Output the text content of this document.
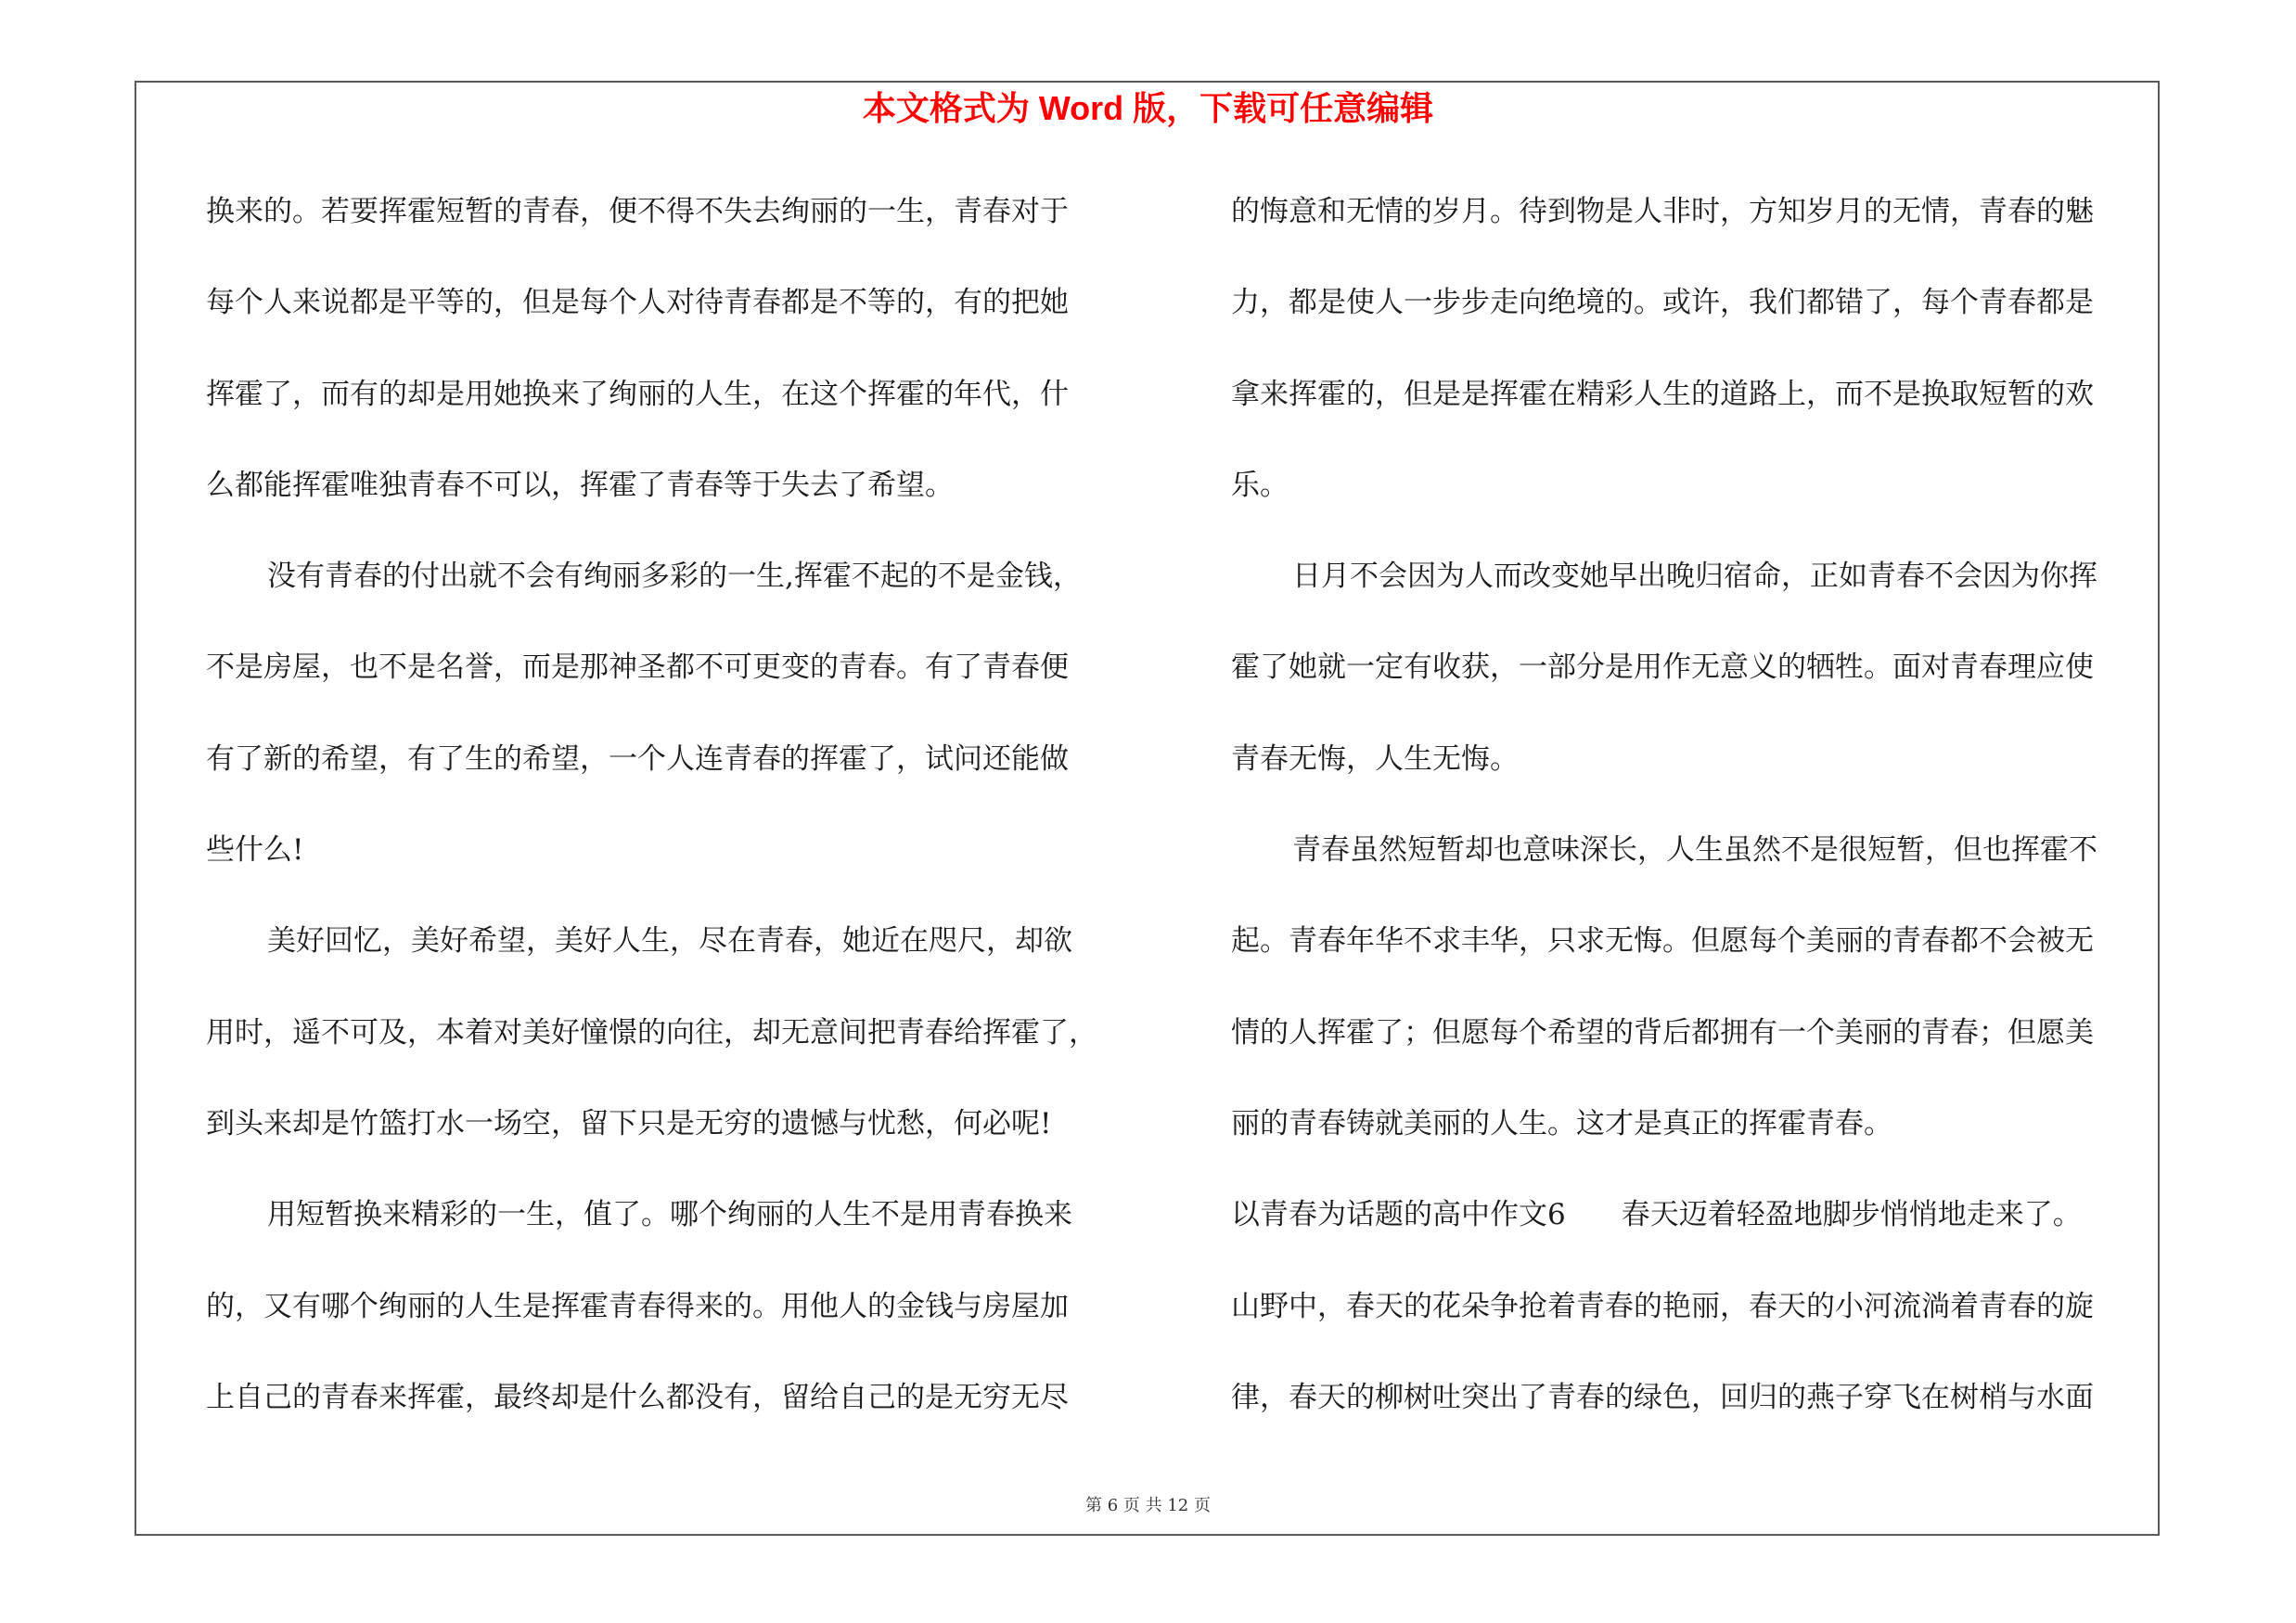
本文格式为 Word 版，下载可任意编辑
换来的。若要挥霍短暂的青春，便不得不失去绚丽的一生，青春对于
每个人来说都是平等的，但是每个人对待青春都是不等的，有的把她
挥霍了，而有的却是用她换来了绚丽的人生，在这个挥霍的年代，什
么都能挥霍唯独青春不可以，挥霍了青春等于失去了希望。
没有青春的付出就不会有绚丽多彩的一生,挥霍不起的不是金钱，
不是房屋，也不是名誉，而是那神圣都不可更变的青春。有了青春便
有了新的希望，有了生的希望，一个人连青春的挥霍了，试问还能做
些什么!
美好回忆，美好希望，美好人生，尽在青春，她近在咫尺，却欲
用时，遥不可及，本着对美好憧憬的向往，却无意间把青春给挥霍了，
到头来却是竹篮打水一场空，留下只是无穷的遗憾与忧愁，何必呢!
用短暂换来精彩的一生，值了。哪个绚丽的人生不是用青春换来
的，又有哪个绚丽的人生是挥霍青春得来的。用他人的金钱与房屋加
上自己的青春来挥霍，最终却是什么都没有，留给自己的是无穷无尽
的悔意和无情的岁月。待到物是人非时，方知岁月的无情，青春的魅
力，都是使人一步步走向绝境的。或许，我们都错了，每个青春都是
拿来挥霍的，但是是挥霍在精彩人生的道路上，而不是换取短暂的欢
乐。
日月不会因为人而改变她早出晚归宿命，正如青春不会因为你挥
霍了她就一定有收获，一部分是用作无意义的牺牲。面对青春理应使
青春无悔，人生无悔。
青春虽然短暂却也意味深长，人生虽然不是很短暂，但也挥霍不
起。青春年华不求丰华，只求无悔。但愿每个美丽的青春都不会被无
情的人挥霍了；但愿每个希望的背后都拥有一个美丽的青春；但愿美
丽的青春铸就美丽的人生。这才是真正的挥霍青春。
以青春为话题的高中作文6 春天迈着轻盈地脚步悄悄地走来了。
山野中，春天的花朵争抢着青春的艳丽，春天的小河流淌着青春的旋
律，春天的柳树吐突出了青春的绿色，回归的燕子穿飞在树梢与水面
第 6 页 共 12 页
